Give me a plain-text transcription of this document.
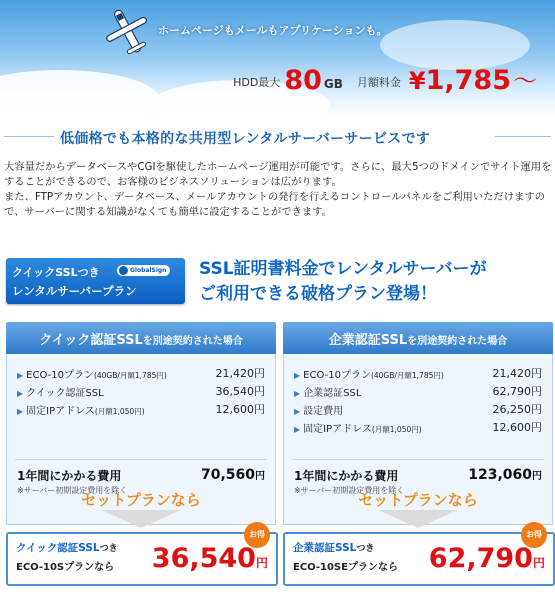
ホームページもメールもアプリケーションも。
HDD最大 80 GB 月額料金 ¥ 1,785 〜
低価格でも本格的な共用型レンタルサーバーサービスです
大容量だからデータベースやCGIを駆使したホームページ運用が可能です。さらに、最大5つのドメインでサイト運用をすることができるので、お客様のビジネスソリューションは広がります。
また、FTPアカウント、データベース、メールアカウントの発行を行えるコントロールパネルをご利用いただけますので、サーバーに関する知識がなくても簡単に設定することができます。
クイックSSLつき	GlobalSign
レンタルサーバープラン
SSL証明書料金でレンタルサーバーが
ご利用できる破格プラン登場！
クイック認証SSLを別途契約された場合
▶ ECO-10プラン(40GB/月額1,785円)	21,420円
▶ クイック認証SSL	36,540円
▶ 固定IPアドレス(月額1,050円)	12,600円
1年間にかかる費用	70,560円
※サーバー初期設定費用を除く
セットプランなら
お得
クイック認証SSLつき
ECO-10Sプランなら 36,540円
企業認証SSLを別途契約された場合
▶ ECO-10プラン(40GB/月額1,785円)	21,420円
▶ 企業認証SSL	62,790円
▶ 設定費用	26,250円
▶ 固定IPアドレス(月額1,050円)	12,600円
1年間にかかる費用	123,060円
※サーバー初期設定費用を除く
セットプランなら
お得
企業認証SSLつき
ECO-10SEプランなら 62,790円
